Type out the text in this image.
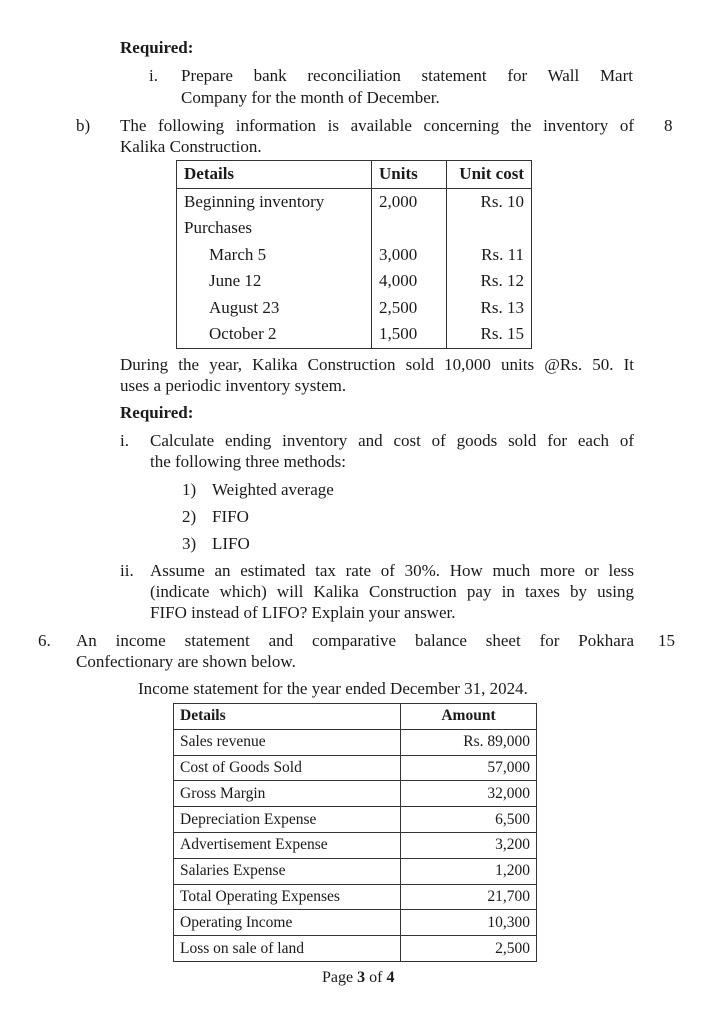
Required:
i. Prepare bank reconciliation statement for Wall Mart
Company for the month of December.
b) The following information is available concerning the inventory of 8
Kalika Construction.
Details	Units	Unit cost
Beginning inventory	2,000	Rs. 10
Purchases		
March 5	3,000	Rs. 11
June 12	4,000	Rs. 12
August 23	2,500	Rs. 13
October 2	1,500	Rs. 15
During the year, Kalika Construction sold 10,000 units @Rs. 50. It
uses a periodic inventory system.
Required:
i. Calculate ending inventory and cost of goods sold for each of
the following three methods:
1) Weighted average
2) FIFO
3) LIFO
ii. Assume an estimated tax rate of 30%. How much more or less
(indicate which) will Kalika Construction pay in taxes by using
FIFO instead of LIFO? Explain your answer.
6. An income statement and comparative balance sheet for Pokhara 15
Confectionary are shown below.
Income statement for the year ended December 31, 2024.
Details	Amount
Sales revenue	Rs. 89,000
Cost of Goods Sold	57,000
Gross Margin	32,000
Depreciation Expense	6,500
Advertisement Expense	3,200
Salaries Expense	1,200
Total Operating Expenses	21,700
Operating Income	10,300
Loss on sale of land	2,500
Page 3 of 4
